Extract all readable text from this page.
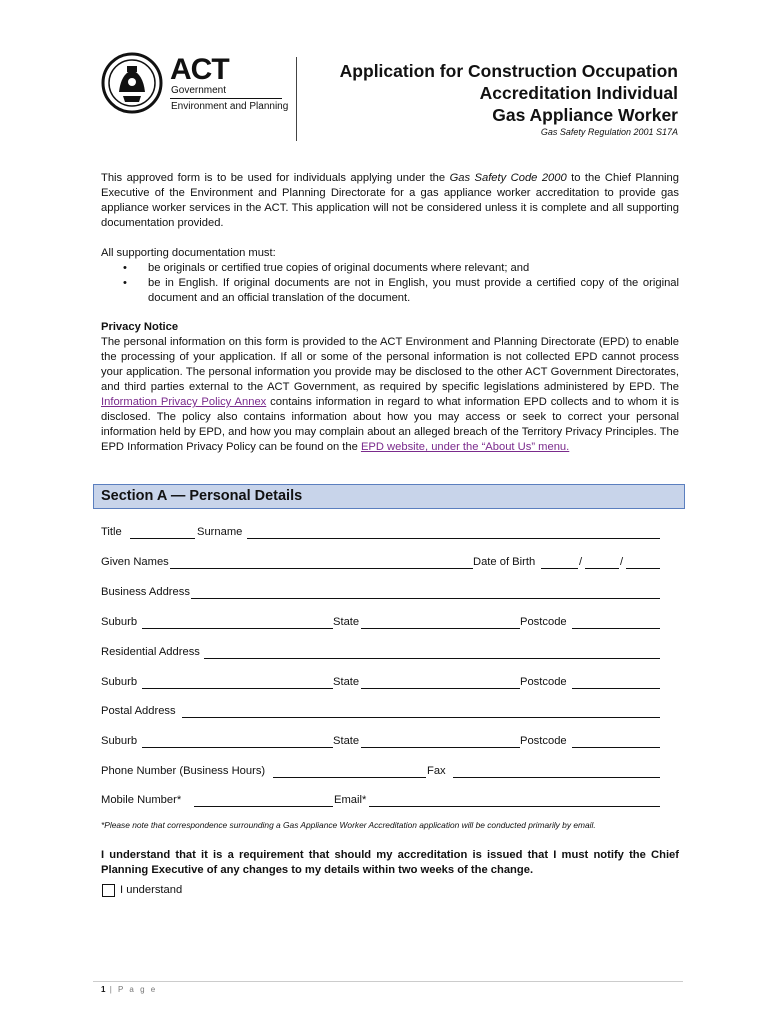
ACT
Government
Environment and Planning
Application for Construction Occupation
Accreditation Individual
Gas Appliance Worker
Gas Safety Regulation 2001 S17A
This approved form is to be used for individuals applying under the Gas Safety Code 2000 to the Chief Planning Executive of the Environment and Planning Directorate for a gas appliance worker accreditation to provide gas appliance worker services in the ACT. This application will not be considered unless it is complete and all supporting documentation provided.
All supporting documentation must:
• be originals or certified true copies of original documents where relevant; and
• be in English. If original documents are not in English, you must provide a certified copy of the original document and an official translation of the document.
Privacy Notice
The personal information on this form is provided to the ACT Environment and Planning Directorate (EPD) to enable the processing of your application. If all or some of the personal information is not collected EPD cannot process your application. The personal information you provide may be disclosed to the other ACT Government Directorates, and third parties external to the ACT Government, as required by specific legislations administered by EPD. The Information Privacy Policy Annex contains information in regard to what information EPD collects and to whom it is disclosed. The policy also contains information about how you may access or seek to correct your personal information held by EPD, and how you may complain about an alleged breach of the Territory Privacy Principles. The EPD Information Privacy Policy can be found on the EPD website, under the “About Us” menu.
Section A — Personal Details
Title	Surname
Given Names	Date of Birth	/	/
Business Address
Suburb	State	Postcode
Residential Address
Suburb	State	Postcode
Postal Address
Suburb	State	Postcode
Phone Number (Business Hours)	Fax
Mobile Number*	Email*
*Please note that correspondence surrounding a Gas Appliance Worker Accreditation application will be conducted primarily by email.
I understand that it is a requirement that should my accreditation is issued that I must notify the Chief Planning Executive of any changes to my details within two weeks of the change.
I understand
1 | P a g e
